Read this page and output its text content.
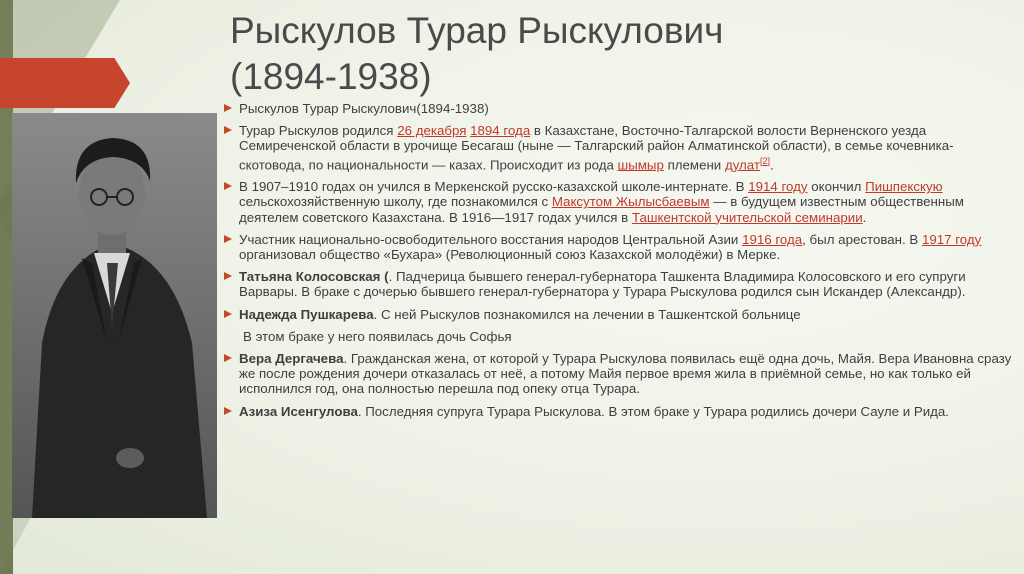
Рыскулов Турар Рыскулович
(1894-1938)
Рыскулов Турар Рыскулович(1894-1938)
Турар Рыскулов родился 26 декабря 1894 года в Казахстане, Восточно-Талгарской волости Верненского уезда Семиреченской области в урочище Бесагаш (ныне — Талгарский район Алматинской области), в семье кочевника-скотовода, по национальности — казах. Происходит из рода шымыр племени дулат[2].
В 1907–1910 годах он учился в Меркенской русско-казахской школе-интернате. В 1914 году окончил Пишпекскую сельскохозяйственную школу, где познакомился с Максутом Жылысбаевым — в будущем известным общественным деятелем советского Казахстана. В 1916—1917 годах учился в Ташкентской учительской семинарии.
Участник национально-освободительного восстания народов Центральной Азии 1916 года, был арестован. В 1917 году организовал общество «Бухара» (Революционный союз Казахской молодёжи) в Мерке.
Татьяна Колосовская (. Падчерица бывшего генерал-губернатора Ташкента Владимира Колосовского и его супруги Варвары. В браке с дочерью бывшего генерал-губернатора у Турара Рыскулова родился сын Искандер (Александр).
Надежда Пушкарева. С ней Рыскулов познакомился на лечении в Ташкентской больнице
В этом браке у него появилась дочь Софья
Вера Дергачева. Гражданская жена, от которой у Турара Рыскулова появилась ещё одна дочь, Майя. Вера Ивановна сразу же после рождения дочери отказалась от неё, а потому Майя первое время жила в приёмной семье, но как только ей исполнился год, она полностью перешла под опеку отца Турара.
Азиза Исенгулова. Последняя супруга Турара Рыскулова. В этом браке у Турара родились дочери Сауле и Рида.
